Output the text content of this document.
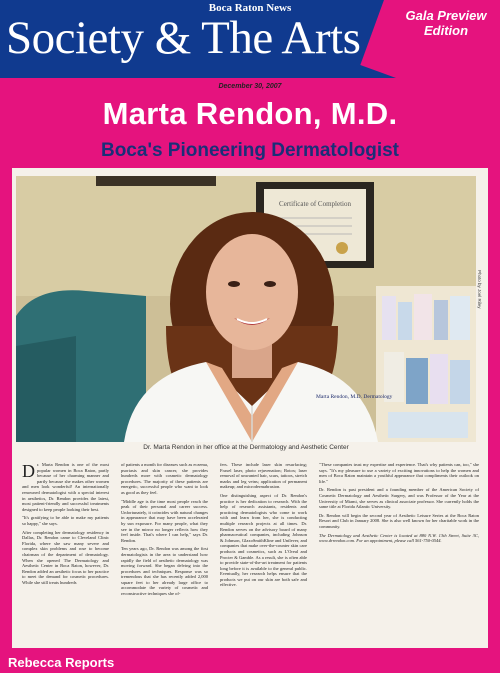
Boca Raton News
Society & The Arts	Gala Preview
Edition
December 30, 2007
Marta Rendon, M.D.
Boca's Pioneering Dermatologist
Certificate of Completion
Marta Rendon, M.D. Dermatology
Photo by Joel Riley
Dr. Marta Rendon in her office at the Dermatology and Aesthetic Center

Dr. Marta Rendon is one of the most popular women in Boca Raton, partly because of her charming manner and partly because she makes other women and men look wonderful! An internationally renowned dermatologist with a special interest in aesthetics, Dr. Rendon provides the latest, most patient-friendly and successful treatments designed to keep people looking their best.

"It's gratifying to be able to make my patients so happy," she says.

After completing her dermatology residency in Dallas, Dr. Rendon came to Cleveland Clinic Florida, where she saw many severe and complex skin problems and rose to become chairman of the department of dermatology. When she opened The Dermatology and Aesthetic Center in Boca Raton, however, Dr. Rendon added an aesthetic focus to her practice to meet the demand for cosmetic procedures. While she still treats hundreds

of patients a month for diseases such as eczema, psoriasis and skin cancer, she provides hundreds more with cosmetic dermatology procedures. The majority of these patients are energetic, successful people who want to look as good as they feel.

"Middle age is the time most people reach the peak of their personal and career success. Unfortunately, it coincides with natural changes in appearance that may have been accelerated by sun exposure. For many people, what they see in the mirror no longer reflects how they feel inside. That's where I can help," says Dr. Rendon.

Ten years ago, Dr. Rendon was among the first dermatologists in the area to understand how rapidly the field of aesthetic dermatology was moving forward. She began delving into the procedures and techniques. Response was so tremendous that she has recently added 2,000 square feet to her already large office to accommodate the variety of cosmetic and reconstructive techniques she of-

fers. These include laser skin resurfacing; Fraxel laser, photo rejuvenation; Botox; laser removal of unwanted hair, scars, tattoos, stretch marks and leg veins; application of permanent makeup; and microdermabrasion.

One distinguishing aspect of Dr. Rendon's practice is her dedication to research. With the help of research assistants, residents and practicing dermatologists who come to work with and learn from her, she is conducting multiple research projects at all times. Dr. Rendon serves on the advisory board of many pharmaceutical companies, including Johnson & Johnson, GlaxoSmithKline and Unilever, and companies that make over-the-counter skin care products and cosmetics, such as L'Oreal and Procter & Gamble. As a result, she is often able to provide state-of-the-art treatment for patients long before it is available to the general public. Eventually, her research helps ensure that the products we put on our skin are both safe and effective.

"These companies trust my expertise and experience. That's why patients can, too," she says. "It's my pleasure to use a variety of exciting innovations to help the women and men of Boca Raton maintain a youthful appearance that compliments their outlook on life."

Dr. Rendon is past president and a founding member of the American Society of Cosmetic Dermatology and Aesthetic Surgery, and was Professor of the Year at the University of Miami, she serves as clinical associate professor. She currently holds the same title at Florida Atlantic University.

Dr. Rendon will begin the second year of Aesthetic Leisure Series at the Boca Raton Resort and Club in January 2008. She is also well known for her charitable work in the community.

The Dermatology and Aesthetic Center is located at 880 N.W. 13th Street, Suite 3C, www.drrendon.com. For an appointment, please call 561-750-0544.

Rebecca Reports
